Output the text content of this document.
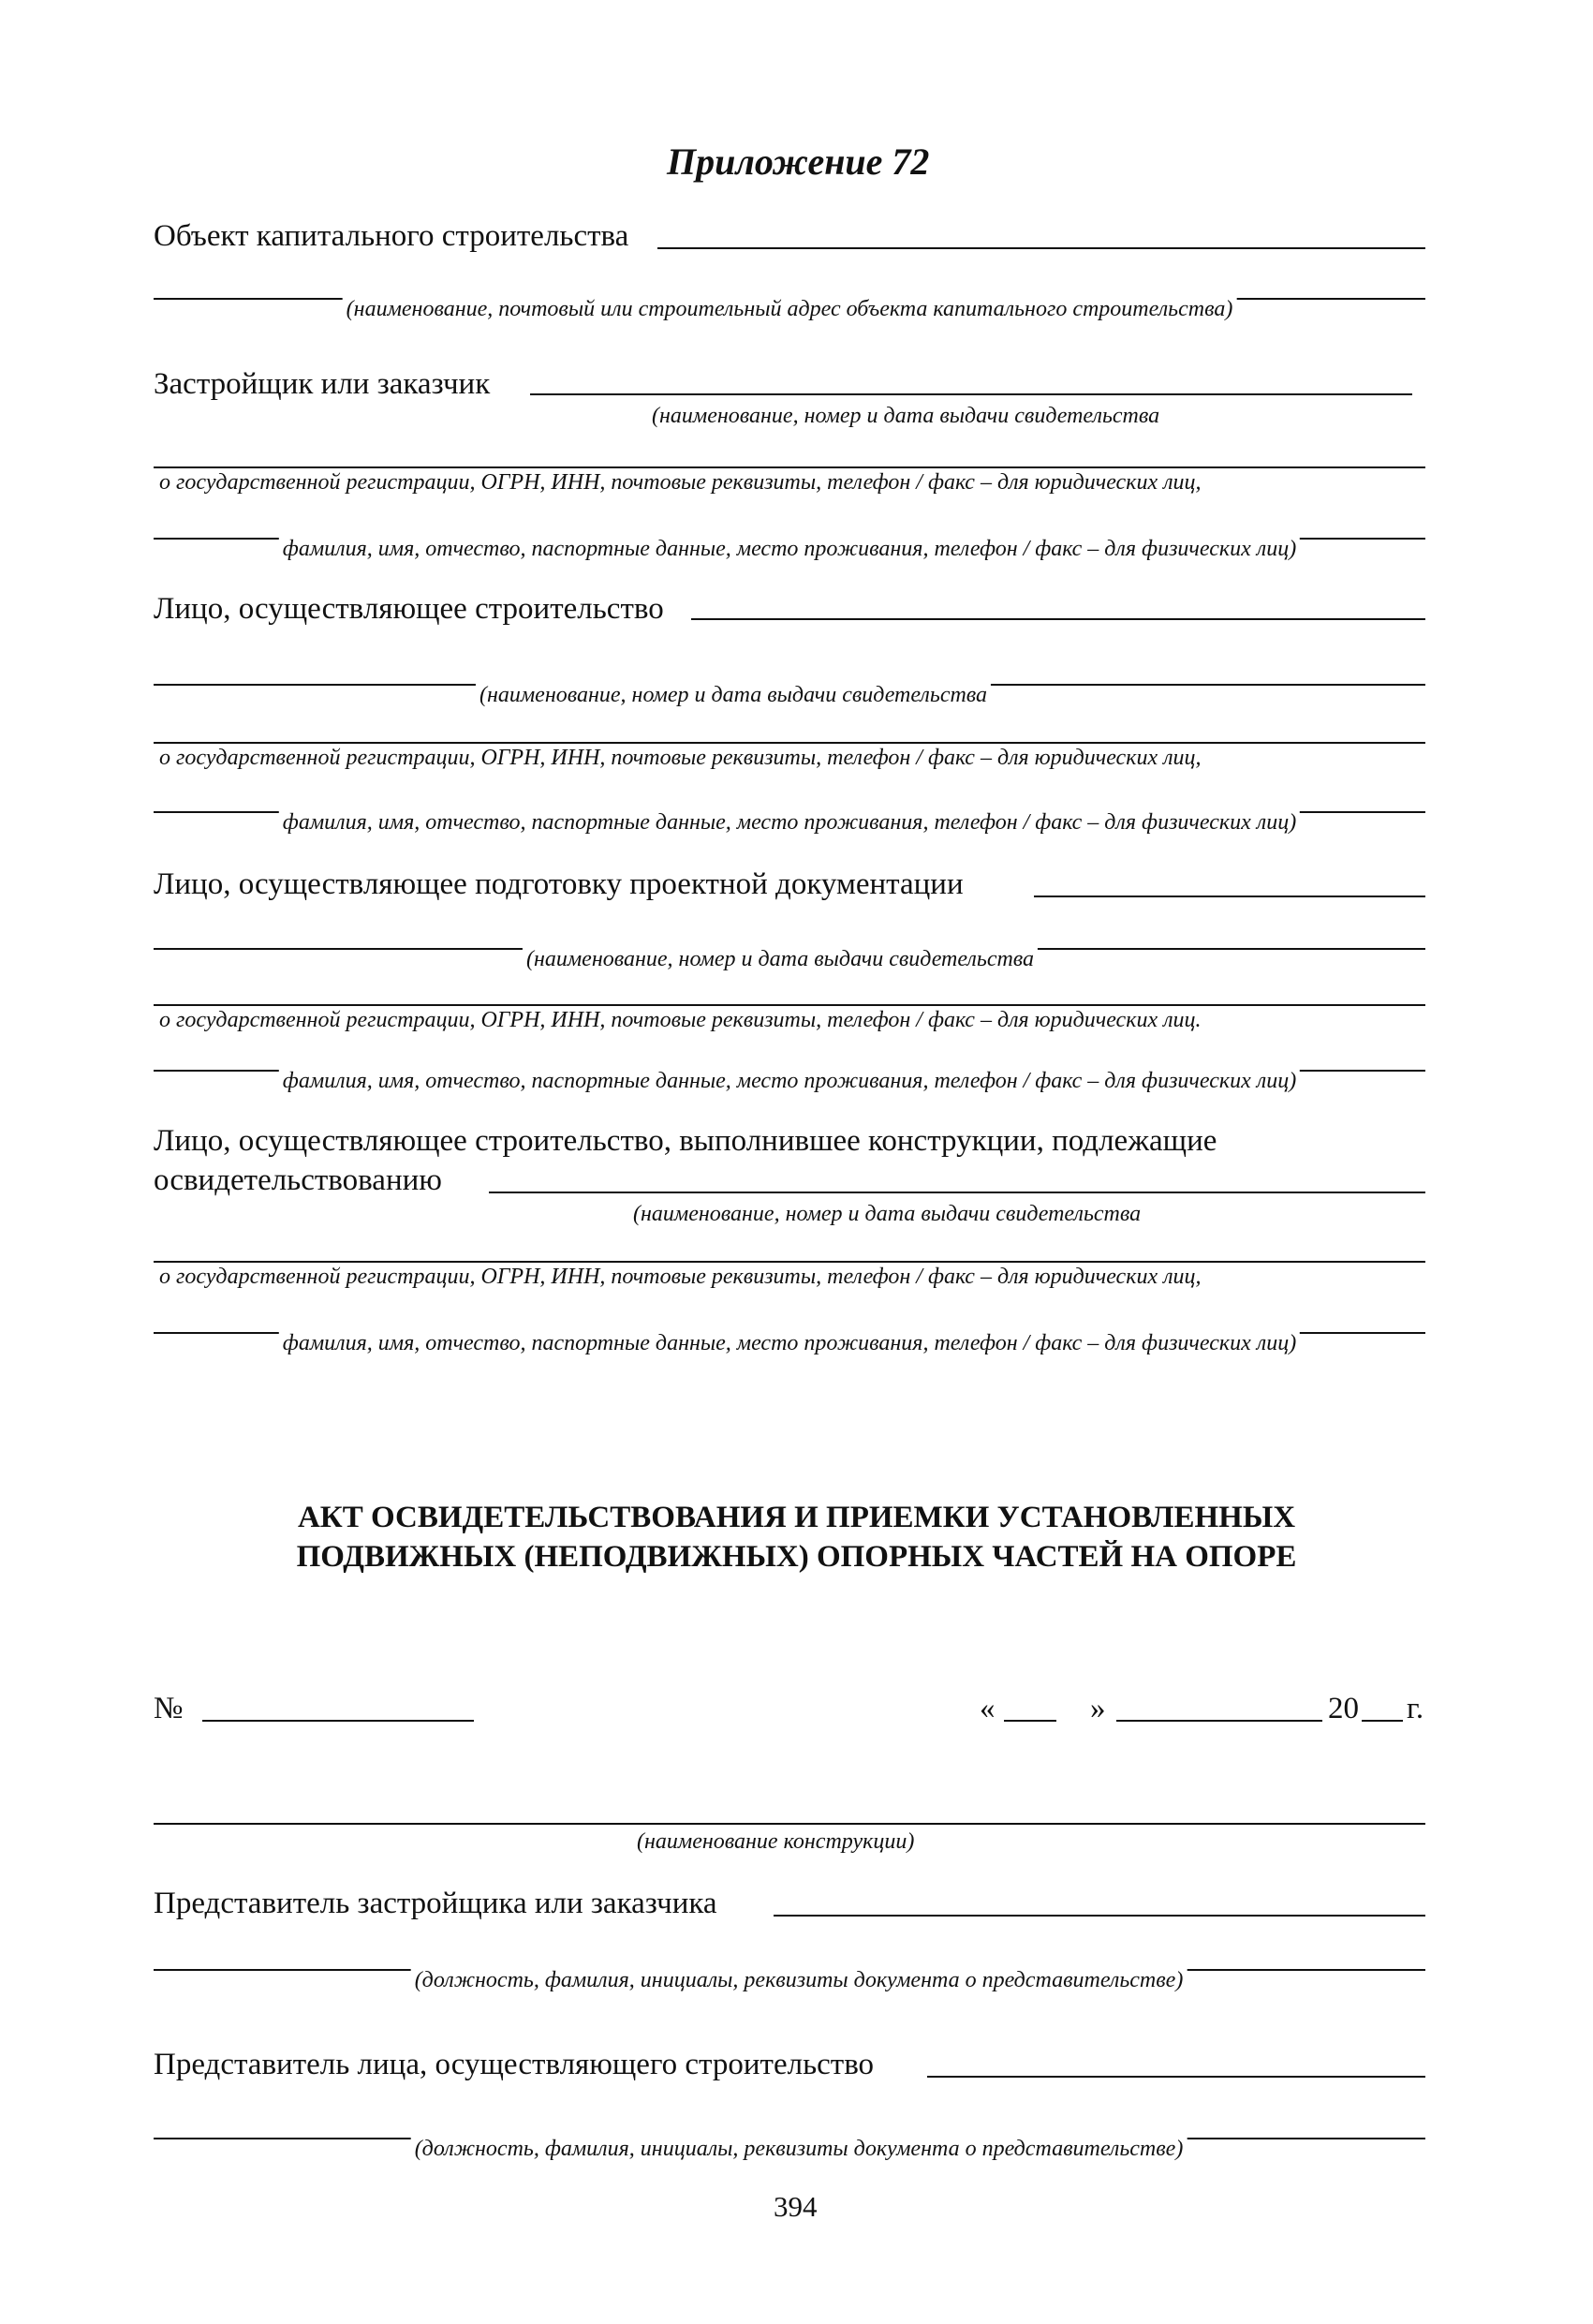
Приложение 72
Объект капитального строительства
(наименование, почтовый или строительный адрес объекта капитального строительства)
Застройщик или заказчик
(наименование, номер и дата выдачи свидетельства
о государственной регистрации, ОГРН, ИНН, почтовые реквизиты, телефон / факс – для юридических лиц,
фамилия, имя, отчество, паспортные данные, место проживания, телефон / факс – для физических лиц)
Лицо, осуществляющее строительство
(наименование, номер и дата выдачи свидетельства
о государственной регистрации, ОГРН, ИНН, почтовые реквизиты, телефон / факс – для юридических лиц,
фамилия, имя, отчество, паспортные данные, место проживания, телефон / факс – для физических лиц)
Лицо, осуществляющее подготовку проектной документации
(наименование, номер и дата выдачи свидетельства
о государственной регистрации, ОГРН, ИНН, почтовые реквизиты, телефон / факс – для юридических лиц.
фамилия, имя, отчество, паспортные данные, место проживания, телефон / факс – для физических лиц)
Лицо, осуществляющее строительство, выполнившее конструкции, подлежащие
освидетельствованию
(наименование, номер и дата выдачи свидетельства
о государственной регистрации, ОГРН, ИНН, почтовые реквизиты, телефон / факс – для юридических лиц,
фамилия, имя, отчество, паспортные данные, место проживания, телефон / факс – для физических лиц)
АКТ ОСВИДЕТЕЛЬСТВОВАНИЯ И ПРИЕМКИ УСТАНОВЛЕННЫХ
ПОДВИЖНЫХ (НЕПОДВИЖНЫХ) ОПОРНЫХ ЧАСТЕЙ НА ОПОРЕ
№	«	»	20 г.
(наименование конструкции)
Представитель застройщика или заказчика
(должность, фамилия, инициалы, реквизиты документа о представительстве)
Представитель лица, осуществляющего строительство
(должность, фамилия, инициалы, реквизиты документа о представительстве)
394
